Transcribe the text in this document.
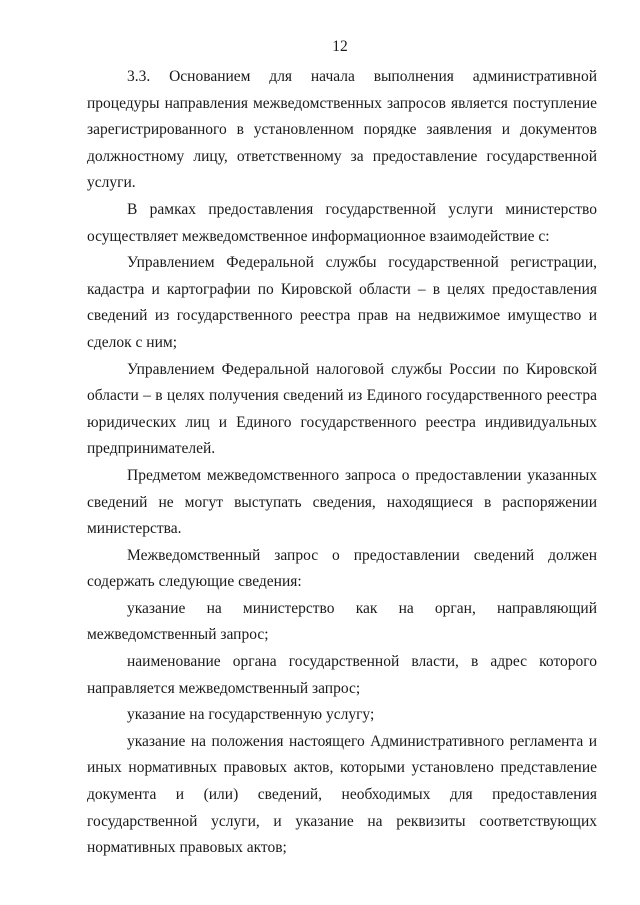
12

3.3. Основанием для начала выполнения административной процедуры направления межведомственных запросов является поступление зарегистрированного в установленном порядке заявления и документов должностному лицу, ответственному за предоставление государственной услуги.

В рамках предоставления государственной услуги министерство осуществляет межведомственное информационное взаимодействие с:

Управлением Федеральной службы государственной регистрации, кадастра и картографии по Кировской области – в целях предоставления сведений из государственного реестра прав на недвижимое имущество и сделок с ним;

Управлением Федеральной налоговой службы России по Кировской области – в целях получения сведений из Единого государственного реестра юридических лиц и Единого государственного реестра индивидуальных предпринимателей.

Предметом межведомственного запроса о предоставлении указанных сведений не могут выступать сведения, находящиеся в распоряжении министерства.

Межведомственный запрос о предоставлении сведений должен содержать следующие сведения:

указание на министерство как на орган, направляющий межведомственный запрос;

наименование органа государственной власти, в адрес которого направляется межведомственный запрос;

указание на государственную услугу;

указание на положения настоящего Административного регламента и иных нормативных правовых актов, которыми установлено представление документа и (или) сведений, необходимых для предоставления государственной услуги, и указание на реквизиты соответствующих нормативных правовых актов;
